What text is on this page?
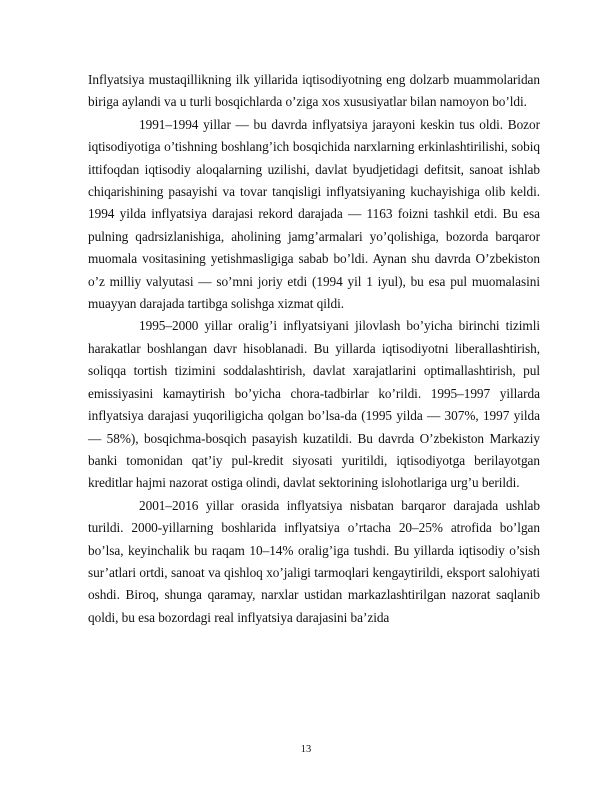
Inflyatsiya mustaqillikning ilk yillarida iqtisodiyotning eng dolzarb muammolaridan biriga aylandi va u turli bosqichlarda o’ziga xos xususiyatlar bilan namoyon bo’ldi.

1991–1994 yillar — bu davrda inflyatsiya jarayoni keskin tus oldi. Bozor iqtisodiyotiga o’tishning boshlang’ich bosqichida narxlarning erkinlashtirilishi, sobiq ittifoqdan iqtisodiy aloqalarning uzilishi, davlat byudjetidagi defitsit, sanoat ishlab chiqarishining pasayishi va tovar tanqisligi inflyatsiyaning kuchayishiga olib keldi. 1994 yilda inflyatsiya darajasi rekord darajada — 1163 foizni tashkil etdi. Bu esa pulning qadrsizlanishiga, aholining jamg’armalari yo’qolishiga, bozorda barqaror muomala vositasining yetishmasligiga sabab bo’ldi. Aynan shu davrda O’zbekiston o’z milliy valyutasi — so’mni joriy etdi (1994 yil 1 iyul), bu esa pul muomalasini muayyan darajada tartibga solishga xizmat qildi.

1995–2000 yillar oralig’i inflyatsiyani jilovlash bo’yicha birinchi tizimli harakatlar boshlangan davr hisoblanadi. Bu yillarda iqtisodiyotni liberallashtirish, soliqqa tortish tizimini soddalashtirish, davlat xarajatlarini optimallashtirish, pul emissiyasini kamaytirish bo’yicha chora-tadbirlar ko’rildi. 1995–1997 yillarda inflyatsiya darajasi yuqoriligicha qolgan bo’lsa-da (1995 yilda — 307%, 1997 yilda — 58%), bosqichma-bosqich pasayish kuzatildi. Bu davrda O’zbekiston Markaziy banki tomonidan qat’iy pul-kredit siyosati yuritildi, iqtisodiyotga berilayotgan kreditlar hajmi nazorat ostiga olindi, davlat sektorining islohotlariga urg’u berildi.

2001–2016 yillar orasida inflyatsiya nisbatan barqaror darajada ushlab turildi. 2000-yillarning boshlarida inflyatsiya o’rtacha 20–25% atrofida bo’lgan bo’lsa, keyinchalik bu raqam 10–14% oralig’iga tushdi. Bu yillarda iqtisodiy o’sish sur’atlari ortdi, sanoat va qishloq xo’jaligi tarmoqlari kengaytirildi, eksport salohiyati oshdi. Biroq, shunga qaramay, narxlar ustidan markazlashtirilgan nazorat saqlanib qoldi, bu esa bozordagi real inflyatsiya darajasini ba’zida

13
